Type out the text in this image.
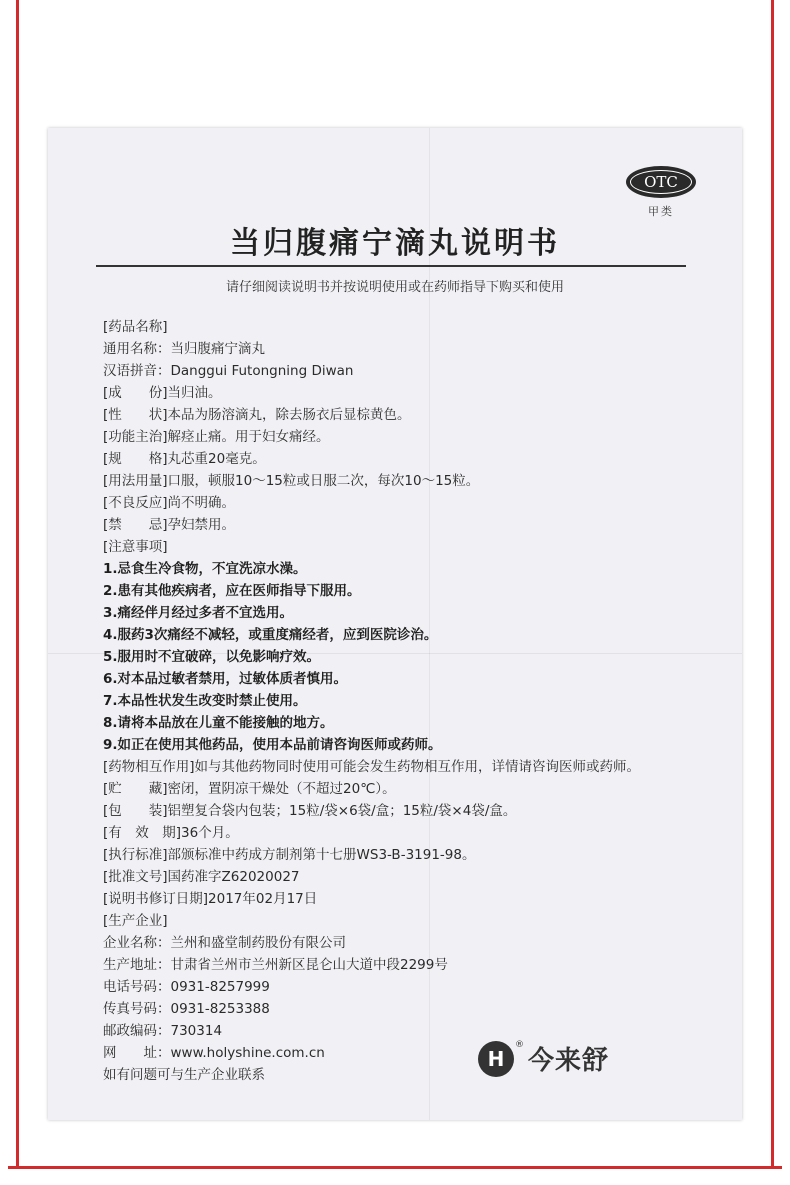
OTC
甲类
当归腹痛宁滴丸说明书
请仔细阅读说明书并按说明使用或在药师指导下购买和使用
[药品名称]
通用名称：当归腹痛宁滴丸
汉语拼音：Danggui Futongning Diwan
[成　　份]当归油。
[性　　状]本品为肠溶滴丸，除去肠衣后显棕黄色。
[功能主治]解痉止痛。用于妇女痛经。
[规　　格]丸芯重20毫克。
[用法用量]口服，顿服10～15粒或日服二次，每次10～15粒。
[不良反应]尚不明确。
[禁　　忌]孕妇禁用。
[注意事项]
1.忌食生冷食物，不宜洗凉水澡。
2.患有其他疾病者，应在医师指导下服用。
3.痛经伴月经过多者不宜选用。
4.服药3次痛经不减轻，或重度痛经者，应到医院诊治。
5.服用时不宜破碎，以免影响疗效。
6.对本品过敏者禁用，过敏体质者慎用。
7.本品性状发生改变时禁止使用。
8.请将本品放在儿童不能接触的地方。
9.如正在使用其他药品，使用本品前请咨询医师或药师。
[药物相互作用]如与其他药物同时使用可能会发生药物相互作用，详情请咨询医师或药师。
[贮　　藏]密闭，置阴凉干燥处（不超过20℃）。
[包　　装]铝塑复合袋内包装；15粒/袋×6袋/盒；15粒/袋×4袋/盒。
[有　效　期]36个月。
[执行标准]部颁标准中药成方制剂第十七册WS3-B-3191-98。
[批准文号]国药准字Z62020027
[说明书修订日期]2017年02月17日
[生产企业]
企业名称：兰州和盛堂制药股份有限公司
生产地址：甘肃省兰州市兰州新区昆仑山大道中段2299号
电话号码：0931-8257999
传真号码：0931-8253388
邮政编码：730314
网　　址：www.holyshine.com.cn
如有问题可与生产企业联系
H
®
今来舒
